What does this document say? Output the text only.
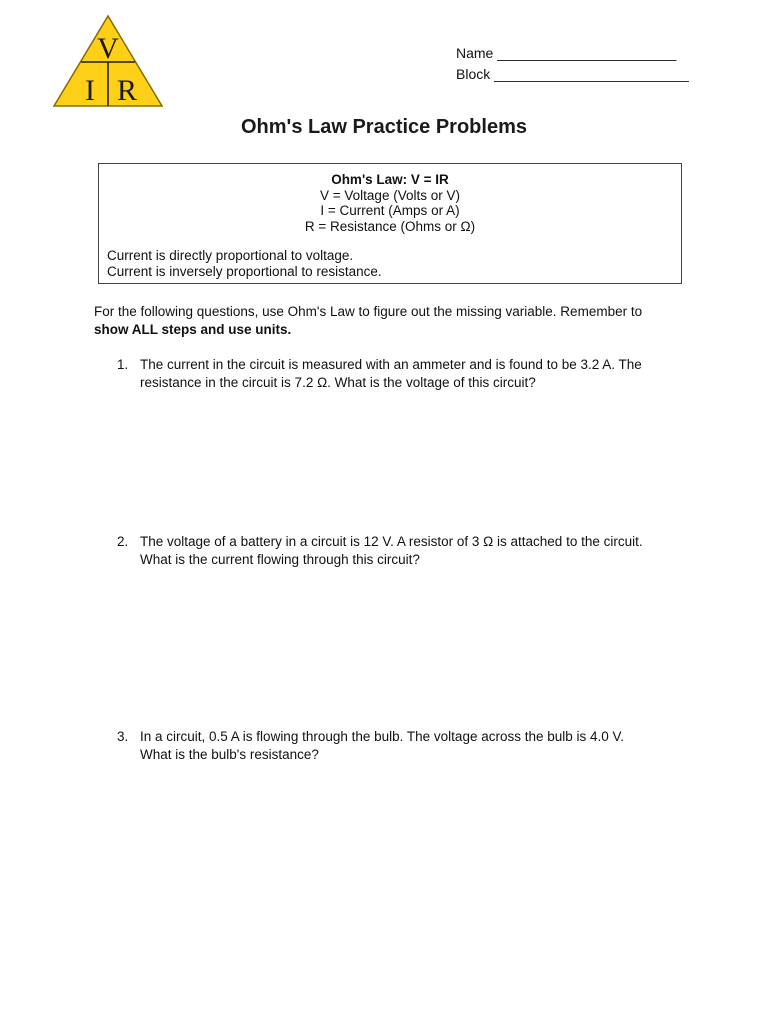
V
I R
Name _______________________
Block _________________________
Ohm's Law Practice Problems
Ohm's Law: V = IR
V = Voltage (Volts or V)
I = Current (Amps or A)
R = Resistance (Ohms or Ω)
Current is directly proportional to voltage.
Current is inversely proportional to resistance.
For the following questions, use Ohm's Law to figure out the missing variable. Remember to
show ALL steps and use units.
1. The current in the circuit is measured with an ammeter and is found to be 3.2 A. The
resistance in the circuit is 7.2 Ω. What is the voltage of this circuit?
2. The voltage of a battery in a circuit is 12 V. A resistor of 3 Ω is attached to the circuit.
What is the current flowing through this circuit?
3. In a circuit, 0.5 A is flowing through the bulb. The voltage across the bulb is 4.0 V.
What is the bulb's resistance?
